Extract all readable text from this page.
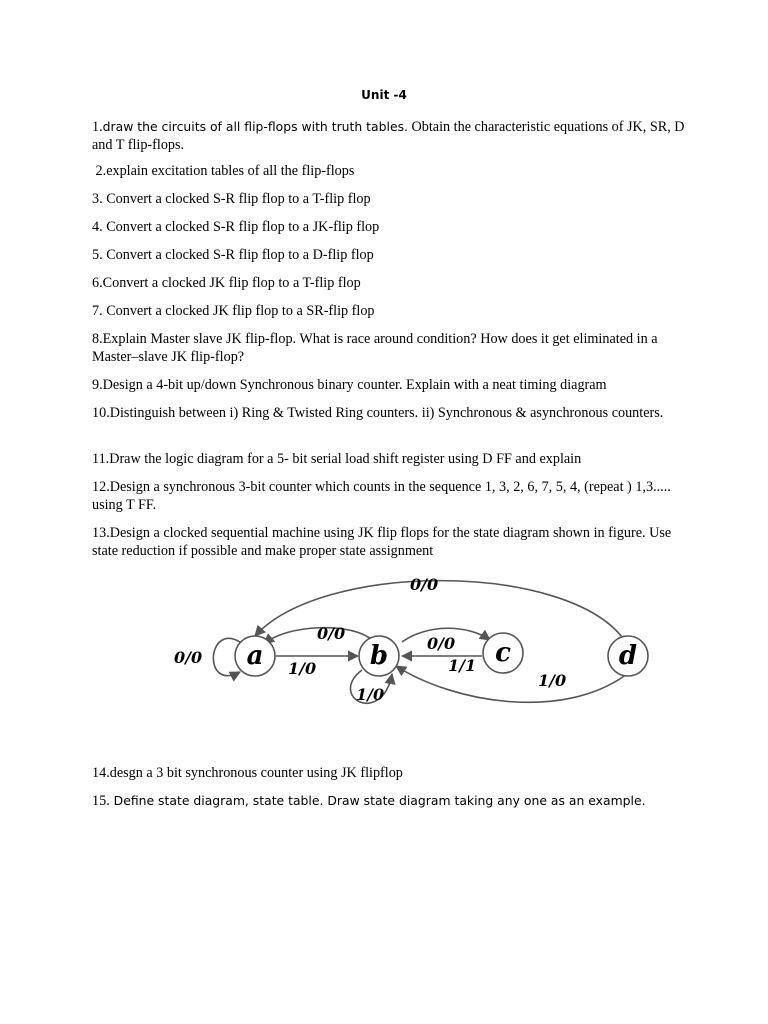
Unit -4
1.draw the circuits of all flip-flops with truth tables. Obtain the characteristic equations of JK, SR, D and T flip-flops.
2.explain excitation tables of all the flip-flops
3. Convert a clocked S-R flip flop to a T-flip flop
4. Convert a clocked S-R flip flop to a JK-flip flop
5. Convert a clocked S-R flip flop to a D-flip flop
6.Convert a clocked JK flip flop to a T-flip flop
7. Convert a clocked JK flip flop to a SR-flip flop
8.Explain Master slave JK flip-flop. What is race around condition? How does it get eliminated in a Master–slave JK flip-flop?
9.Design a 4-bit up/down Synchronous binary counter. Explain with a neat timing diagram
10.Distinguish between i) Ring & Twisted Ring counters. ii) Synchronous & asynchronous counters.
11.Draw the logic diagram for a 5- bit serial load shift register using D FF and explain
12.Design a synchronous 3-bit counter which counts in the sequence 1, 3, 2, 6, 7, 5, 4, (repeat ) 1,3..... using T FF.
13.Design a clocked sequential machine using JK flip flops for the state diagram shown in figure. Use state reduction if possible and make proper state assignment
0/0
0/0
0/0
1/1
1/0
1/0
0/0
1/0
a	b	c	d
14.desgn a 3 bit synchronous counter using JK flipflop
15. Define state diagram, state table. Draw state diagram taking any one as an example.
